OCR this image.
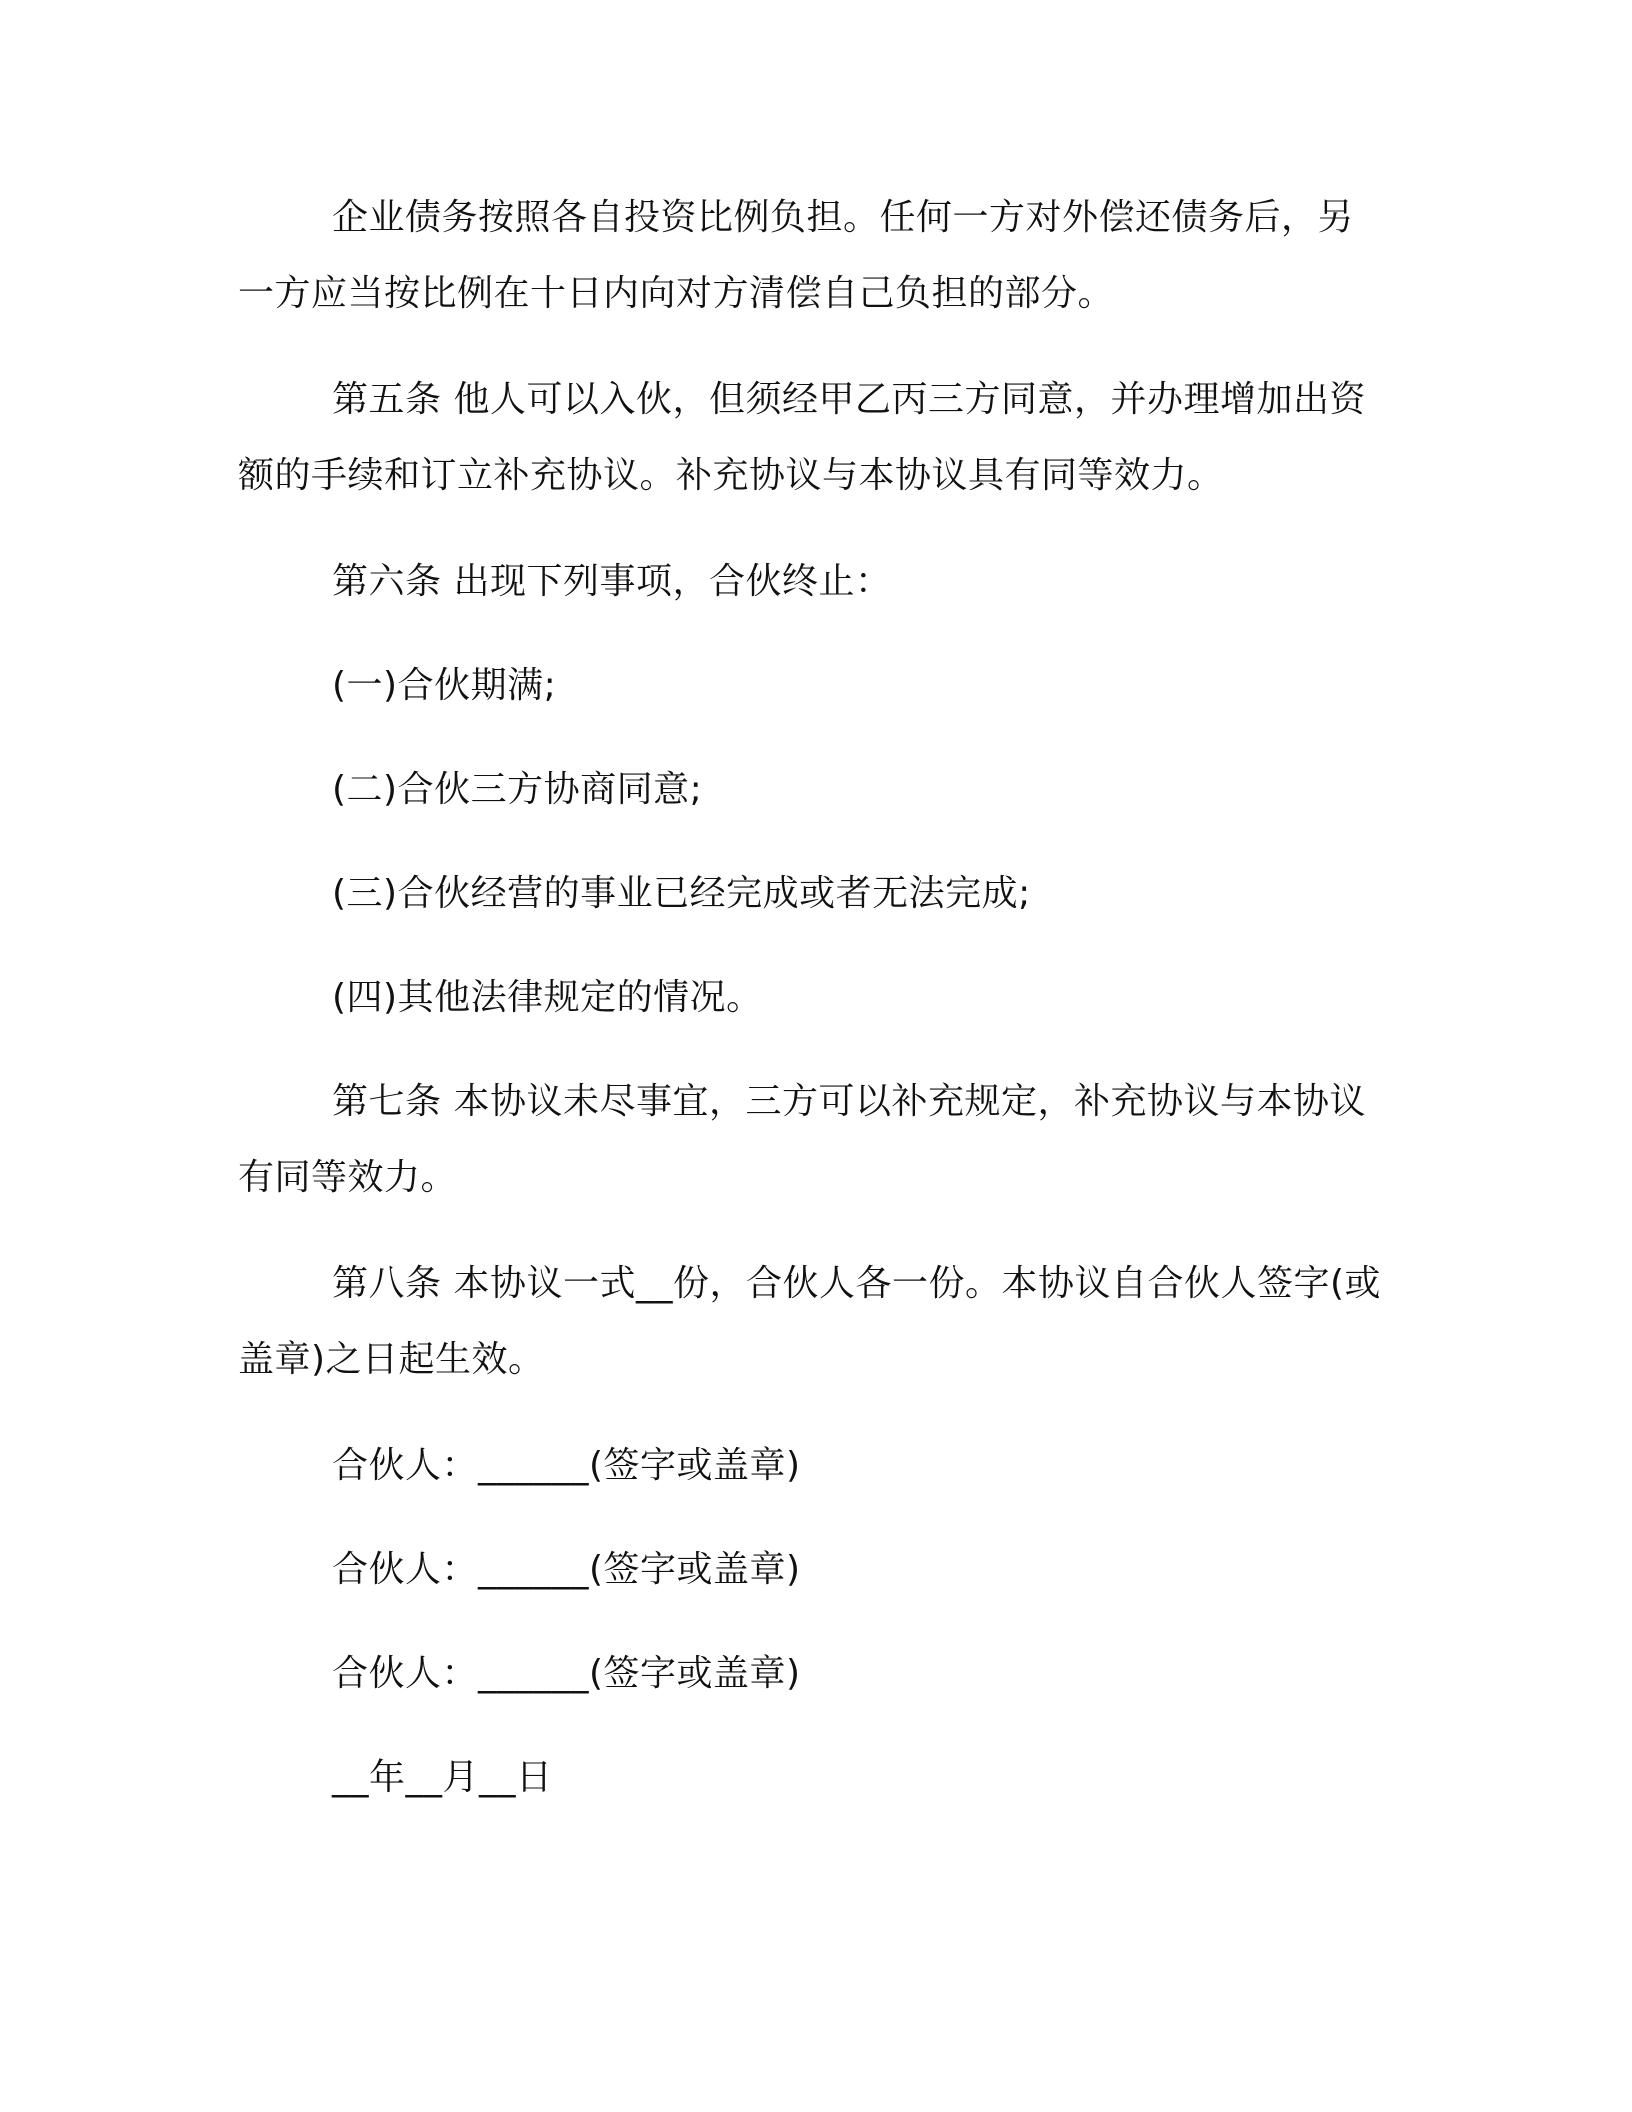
企业债务按照各自投资比例负担。任何一方对外偿还债务后，另一方应当按比例在十日内向对方清偿自己负担的部分。

第五条 他人可以入伙，但须经甲乙丙三方同意，并办理增加出资额的手续和订立补充协议。补充协议与本协议具有同等效力。

第六条 出现下列事项，合伙终止：

(一)合伙期满;

(二)合伙三方协商同意;

(三)合伙经营的事业已经完成或者无法完成;

(四)其他法律规定的情况。

第七条 本协议未尽事宜，三方可以补充规定，补充协议与本协议有同等效力。

第八条 本协议一式__份，合伙人各一份。本协议自合伙人签字(或盖章)之日起生效。

合伙人：______(签字或盖章)

合伙人：______(签字或盖章)

合伙人：______(签字或盖章)

__年__月__日
